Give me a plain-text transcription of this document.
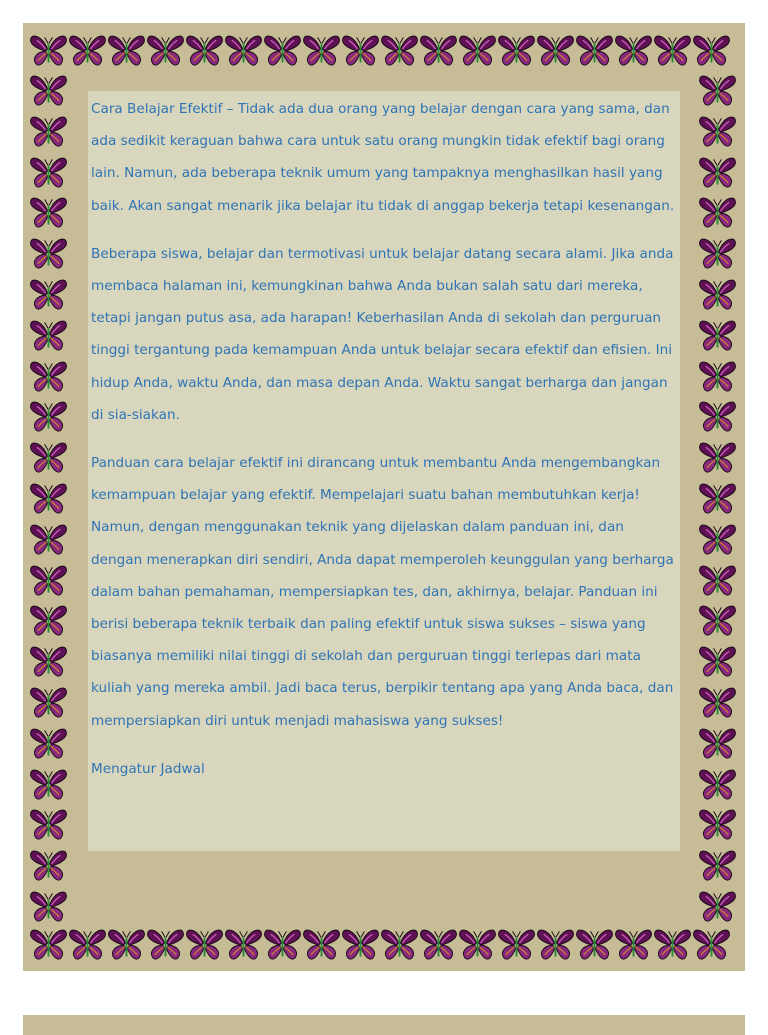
Cara Belajar Efektif – Tidak ada dua orang yang belajar dengan cara yang sama, dan ada sedikit keraguan bahwa cara untuk satu orang mungkin tidak efektif bagi orang lain. Namun, ada beberapa teknik umum yang tampaknya menghasilkan hasil yang baik. Akan sangat menarik jika belajar itu tidak di anggap bekerja tetapi kesenangan.

Beberapa siswa, belajar dan termotivasi untuk belajar datang secara alami. Jika anda membaca halaman ini, kemungkinan bahwa Anda bukan salah satu dari mereka, tetapi jangan putus asa, ada harapan! Keberhasilan Anda di sekolah dan perguruan tinggi tergantung pada kemampuan Anda untuk belajar secara efektif dan efisien. Ini hidup Anda, waktu Anda, dan masa depan Anda. Waktu sangat berharga dan jangan di sia-siakan.

Panduan cara belajar efektif ini dirancang untuk membantu Anda mengembangkan kemampuan belajar yang efektif. Mempelajari suatu bahan membutuhkan kerja! Namun, dengan menggunakan teknik yang dijelaskan dalam panduan ini, dan dengan menerapkan diri sendiri, Anda dapat memperoleh keunggulan yang berharga dalam bahan pemahaman, mempersiapkan tes, dan, akhirnya, belajar. Panduan ini berisi beberapa teknik terbaik dan paling efektif untuk siswa sukses – siswa yang biasanya memiliki nilai tinggi di sekolah dan perguruan tinggi terlepas dari mata kuliah yang mereka ambil. Jadi baca terus, berpikir tentang apa yang Anda baca, dan mempersiapkan diri untuk menjadi mahasiswa yang sukses!

Mengatur Jadwal
